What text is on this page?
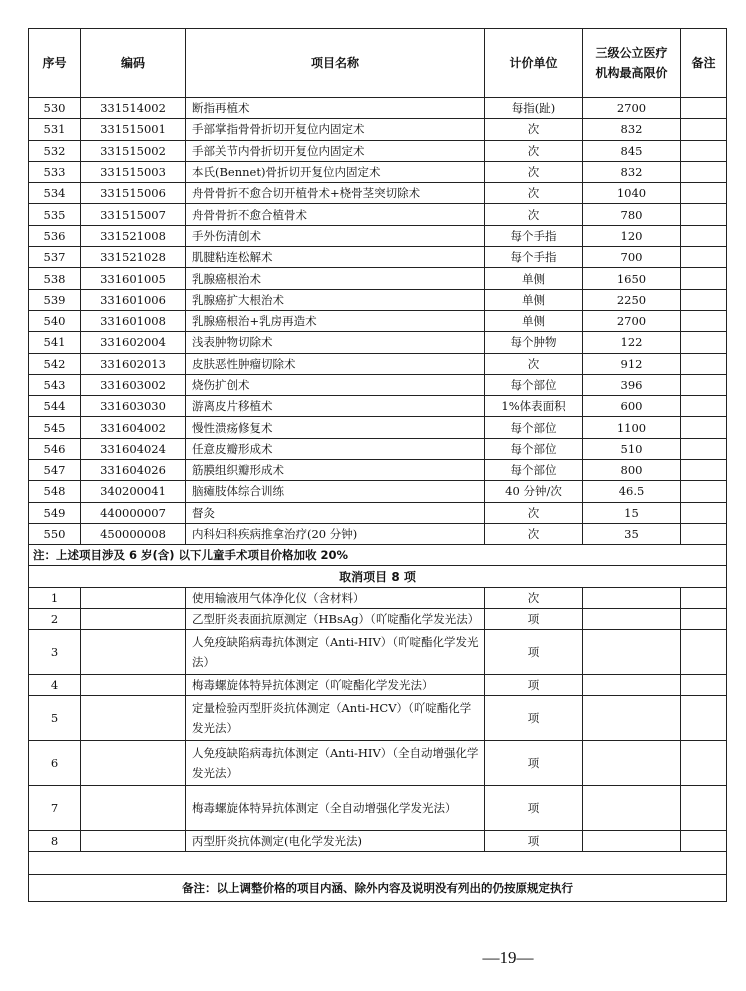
序号	编码	项目名称	计价单位	三级公立医疗机构最高限价	备注
530	331514002	断指再植术	每指(趾)	2700	
531	331515001	手部掌指骨骨折切开复位内固定术	次	832	
532	331515002	手部关节内骨折切开复位内固定术	次	845	
533	331515003	本氏(Bennet)骨折切开复位内固定术	次	832	
534	331515006	舟骨骨折不愈合切开植骨术+桡骨茎突切除术	次	1040	
535	331515007	舟骨骨折不愈合植骨术	次	780	
536	331521008	手外伤清创术	每个手指	120	
537	331521028	肌腱粘连松解术	每个手指	700	
538	331601005	乳腺癌根治术	单侧	1650	
539	331601006	乳腺癌扩大根治术	单侧	2250	
540	331601008	乳腺癌根治+乳房再造术	单侧	2700	
541	331602004	浅表肿物切除术	每个肿物	122	
542	331602013	皮肤恶性肿瘤切除术	次	912	
543	331603002	烧伤扩创术	每个部位	396	
544	331603030	游离皮片移植术	1%体表面积	600	
545	331604002	慢性溃疡修复术	每个部位	1100	
546	331604024	任意皮瓣形成术	每个部位	510	
547	331604026	筋膜组织瓣形成术	每个部位	800	
548	340200041	脑瘫肢体综合训练	40 分钟/次	46.5	
549	440000007	督灸	次	15	
550	450000008	内科妇科疾病推拿治疗(20 分钟)	次	35	
注：上述项目涉及 6 岁(含) 以下儿童手术项目价格加收 20%					
取消项目 8 项					
1		使用输液用气体净化仪（含材料）	次		
2		乙型肝炎表面抗原测定（HBsAg）（吖啶酯化学发光法）	项		
3		人免疫缺陷病毒抗体测定（Anti-HIV）（吖啶酯化学发光法）	项		
4		梅毒螺旋体特异抗体测定（吖啶酯化学发光法）	项		
5		定量检验丙型肝炎抗体测定（Anti-HCV）（吖啶酯化学发光法）	项		
6		人免疫缺陷病毒抗体测定（Anti-HIV）（全自动增强化学发光法）	项		
7		梅毒螺旋体特异抗体测定（全自动增强化学发光法）	项		
8		丙型肝炎抗体测定(电化学发光法)	项		

备注：以上调整价格的项目内涵、除外内容及说明没有列出的仍按原规定执行					
—19—
